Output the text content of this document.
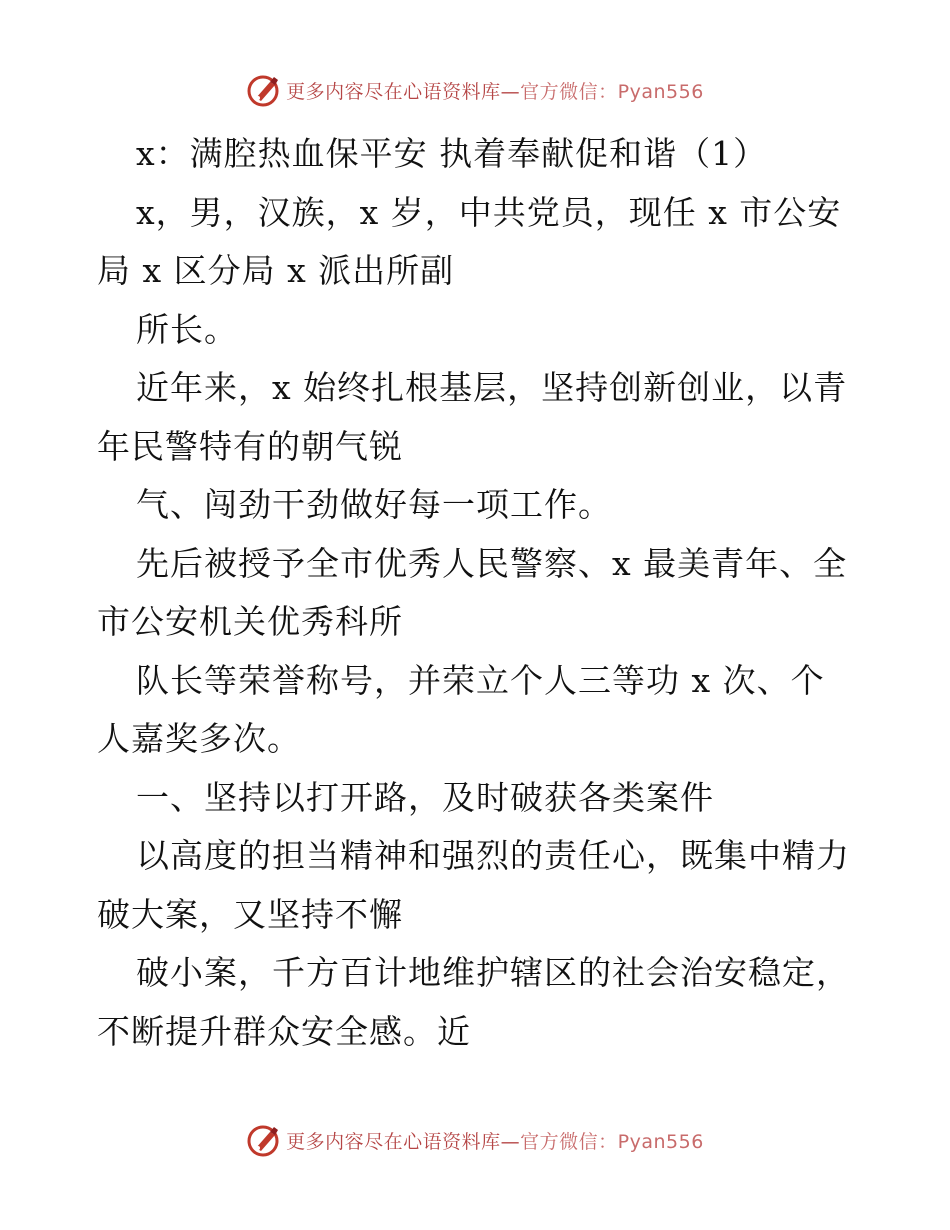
更多内容尽在心语资料库— 官方微信：Pyan556

x：满腔热血保平安 执着奉献促和谐（1）

x，男，汉族，x 岁，中共党员，现任 x 市公安局 x 区分局 x 派出所副

所长。

近年来，x 始终扎根基层，坚持创新创业，以青年民警特有的朝气锐

气、闯劲干劲做好每一项工作。

先后被授予全市优秀人民警察、x 最美青年、全市公安机关优秀科所

队长等荣誉称号，并荣立个人三等功 x 次、个人嘉奖多次。

一、坚持以打开路，及时破获各类案件

以高度的担当精神和强烈的责任心，既集中精力破大案，又坚持不懈

破小案，千方百计地维护辖区的社会治安稳定，不断提升群众安全感。近

更多内容尽在心语资料库— 官方微信：Pyan556
